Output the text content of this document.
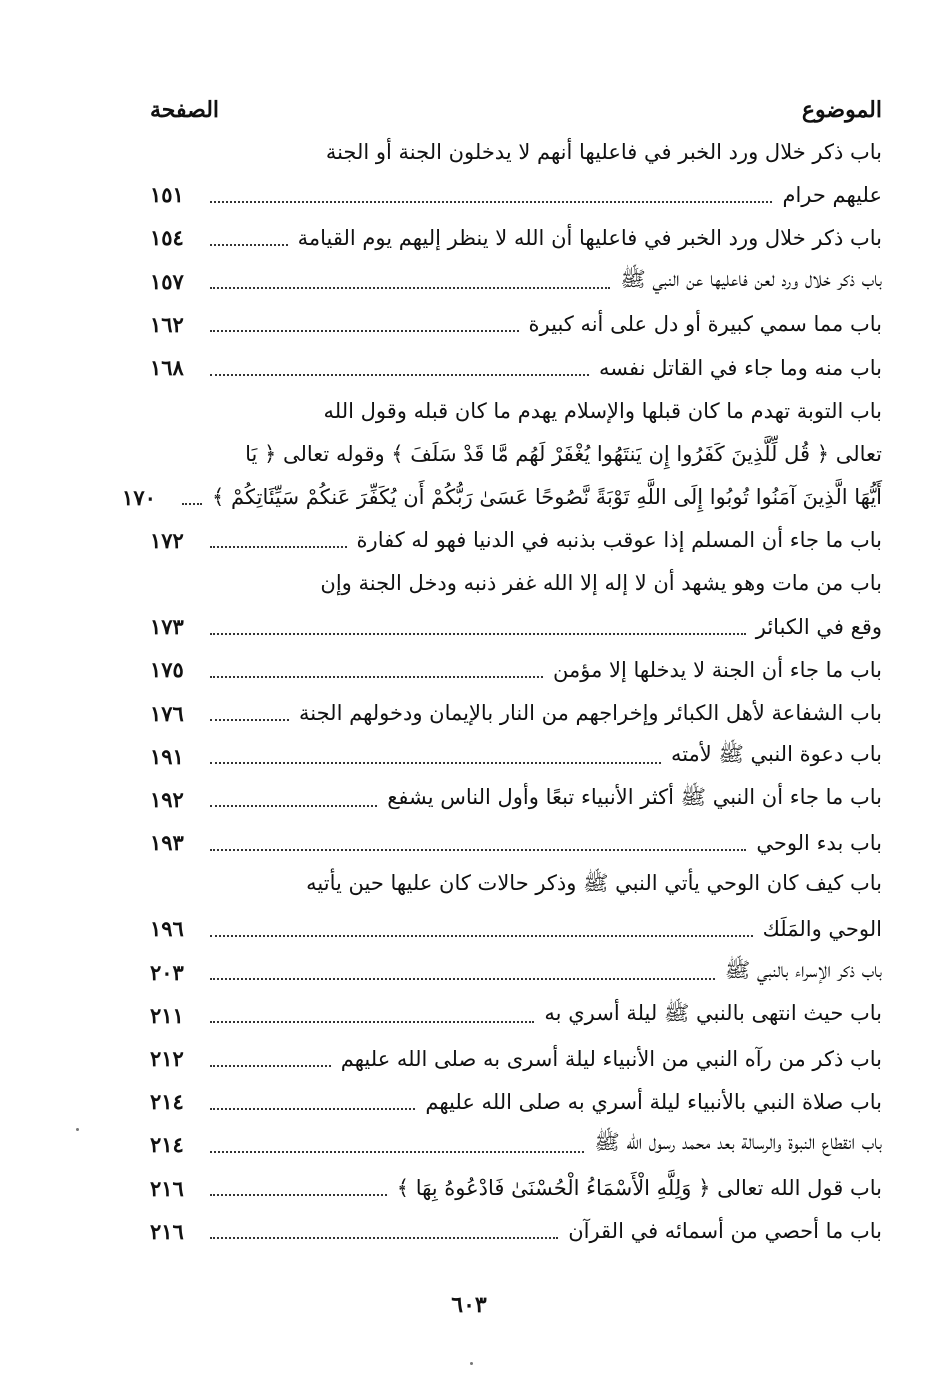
الموضوع
الصفحة
باب ذكر خلال ورد الخبر في فاعليها أنهم لا يدخلون الجنة أو الجنة
عليهم حرام
١٥١
باب ذكر خلال ورد الخبر في فاعليها أن الله لا ينظر إليهم يوم القيامة
١٥٤
باب ذكر خلال ورد لعن فاعليها عن النبي ﷺ
١٥٧
باب مما سمي كبيرة أو دل على أنه كبيرة
١٦٢
باب منه وما جاء في القاتل نفسه
١٦٨
باب التوبة تهدم ما كان قبلها والإسلام يهدم ما كان قبله وقول الله
تعالى ﴿ قُل لِّلَّذِينَ كَفَرُوا إِن يَنتَهُوا يُغْفَرْ لَهُم مَّا قَدْ سَلَفَ ﴾ وقوله تعالى ﴿ يَا
أَيُّهَا الَّذِينَ آمَنُوا تُوبُوا إِلَى اللَّهِ تَوْبَةً نَّصُوحًا عَسَىٰ رَبُّكُمْ أَن يُكَفِّرَ عَنكُمْ سَيِّئَاتِكُمْ ﴾
١٧٠
باب ما جاء أن المسلم إذا عوقب بذنبه في الدنيا فهو له كفارة
١٧٢
باب من مات وهو يشهد أن لا إله إلا الله غفر ذنبه ودخل الجنة وإن
وقع في الكبائر
١٧٣
باب ما جاء أن الجنة لا يدخلها إلا مؤمن
١٧٥
باب الشفاعة لأهل الكبائر وإخراجهم من النار بالإيمان ودخولهم الجنة
١٧٦
باب دعوة النبي ﷺ لأمته
١٩١
باب ما جاء أن النبي ﷺ أكثر الأنبياء تبعًا وأول الناس يشفع
١٩٢
باب بدء الوحي
١٩٣
باب كيف كان الوحي يأتي النبي ﷺ وذكر حالات كان عليها حين يأتيه
الوحي والمَلَك
١٩٦
باب ذكر الإسراء بالنبي ﷺ
٢٠٣
باب حيث انتهى بالنبي ﷺ ليلة أسري به
٢١١
باب ذكر من رآه النبي من الأنبياء ليلة أسرى به صلى الله عليهم
٢١٢
باب صلاة النبي بالأنبياء ليلة أسري به صلى الله عليهم
٢١٤
باب انقطاع النبوة والرسالة بعد محمد رسول الله ﷺ
٢١٤
باب قول الله تعالى ﴿ وَلِلَّهِ الْأَسْمَاءُ الْحُسْنَىٰ فَادْعُوهُ بِهَا ﴾
٢١٦
باب ما أحصي من أسمائه في القرآن
٢١٦
٦٠٣
